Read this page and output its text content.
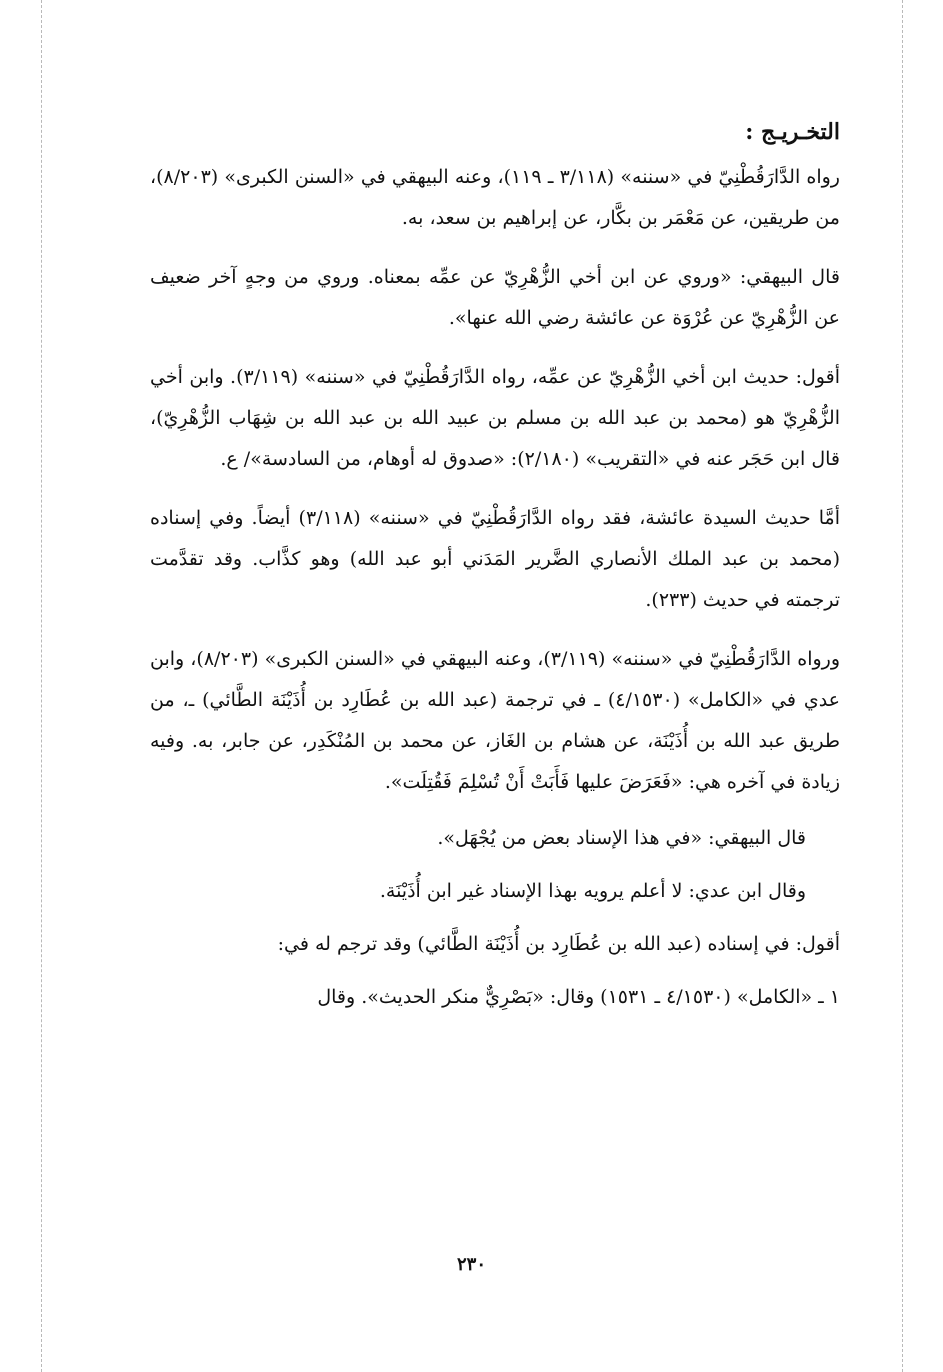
التخـريـج :

رواه الدَّارَقُطْنِيّ في «سننه» (٣/١١٨ ـ ١١٩)، وعنه البيهقي في «السنن الكبرى» (٨/٢٠٣)، من طريقين، عن مَعْمَر بن بكَّار، عن إبراهيم بن سعد، به.

قال البيهقي: «وروي عن ابن أخي الزُّهْرِيّ عن عمِّه بمعناه. وروي من وجهٍ آخر ضعيف عن الزُّهْرِيّ عن عُرْوَة عن عائشة رضي الله عنها».

أقول: حديث ابن أخي الزُّهْرِيّ عن عمِّه، رواه الدَّارَقُطْنِيّ في «سننه» (٣/١١٩). وابن أخي الزُّهْرِيّ هو (محمد بن عبد الله بن مسلم بن عبيد الله بن عبد الله بن شِهَاب الزُّهْرِيّ)، قال ابن حَجَر عنه في «التقريب» (٢/١٨٠): «صدوق له أوهام، من السادسة»/ ع.

أمَّا حديث السيدة عائشة، فقد رواه الدَّارَقُطْنِيّ في «سننه» (٣/١١٨) أيضاً. وفي إسناده (محمد بن عبد الملك الأنصاري الضَّرير المَدَني أبو عبد الله) وهو كذَّاب. وقد تقدَّمت ترجمته في حديث (٢٣٣).

ورواه الدَّارَقُطْنِيّ في «سننه» (٣/١١٩)، وعنه البيهقي في «السنن الكبرى» (٨/٢٠٣)، وابن عدي في «الكامل» (٤/١٥٣٠) ـ في ترجمة (عبد الله بن عُطَارِد بن أُذَيْنَة الطَّائي) ـ، من طريق عبد الله بن أُذَيْنَة، عن هشام بن الغَاز، عن محمد بن المُنْكَدِر، عن جابر، به. وفيه زيادة في آخره هي: «فَعَرَضَ عليها فَأَبَتْ أَنْ تُسْلِمَ فَقُتِلَت».

قال البيهقي: «في هذا الإسناد بعض من يُجْهَل».

وقال ابن عدي: لا أعلم يرويه بهذا الإسناد غير ابن أُذَيْنَة.

أقول: في إسناده (عبد الله بن عُطَارِد بن أُذَيْنَة الطَّائي) وقد ترجم له في:

١ ـ «الكامل» (٤/١٥٣٠ ـ ١٥٣١) وقال: «بَصْرِيٌّ منكر الحديث». وقال

٢٣٠
